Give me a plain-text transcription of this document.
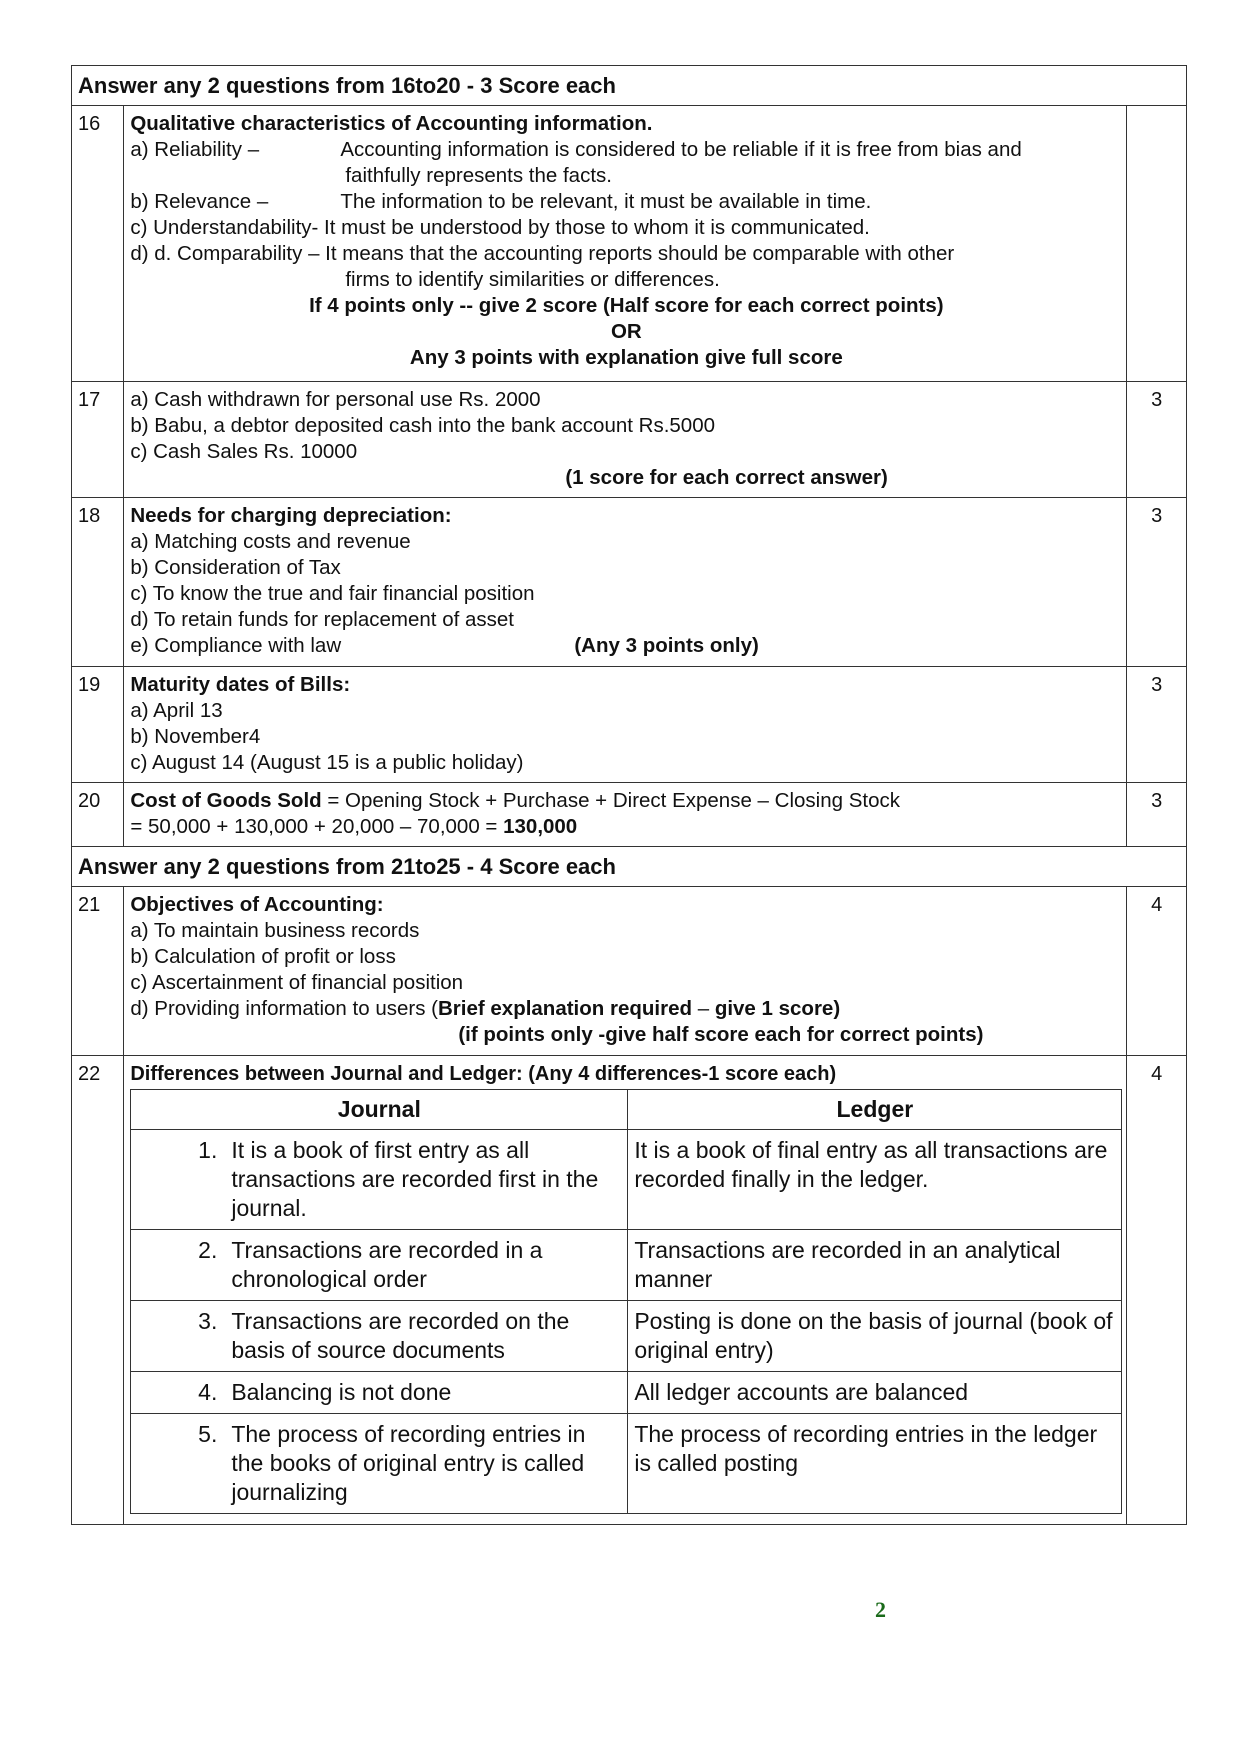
Answer any 2 questions from 16to20 - 3 Score each
16	Qualitative characteristics of Accounting information.
a) Reliability –	Accounting information is considered to be reliable if it is free from bias and
faithfully represents the facts.
b) Relevance –	The information to be relevant, it must be available in time.
c) Understandability- It must be understood by those to whom it is communicated.
d) d. Comparability – It means that the accounting reports should be comparable with other
firms to identify similarities or differences.
If 4 points only -- give 2 score (Half score for each correct points)
OR
Any 3 points with explanation give full score

17	a) Cash withdrawn for personal use Rs. 2000
b) Babu, a debtor deposited cash into the bank account Rs.5000
c) Cash Sales Rs. 10000
(1 score for each correct answer)
	3
18	Needs for charging depreciation:
a) Matching costs and revenue
b) Consideration of Tax
c) To know the true and fair financial position
d) To retain funds for replacement of asset
e) Compliance with law	(Any 3 points only)
	3
19	Maturity dates of Bills:
a) April 13
b) November4
c) August 14 (August 15 is a public holiday)
	3
20	Cost of Goods Sold = Opening Stock + Purchase + Direct Expense – Closing Stock
= 50,000 + 130,000 + 20,000 – 70,000 = 130,000
	3
Answer any 2 questions from 21to25 - 4 Score each
21	Objectives of Accounting:
a) To maintain business records
b) Calculation of profit or loss
c) Ascertainment of financial position
d) Providing information to users (Brief explanation required – give 1 score)
(if points only -give half score each for correct points)
	4
22	Differences between Journal and Ledger: (Any 4 differences-1 score each)
Journal	Ledger

1. It is a book of first entry as all transactions are recorded first in the journal.
	It is a book of final entry as all transactions are recorded finally in the ledger.

2. Transactions are recorded in a chronological order
	Transactions are recorded in an analytical manner

3. Transactions are recorded on the basis of source documents
	Posting is done on the basis of journal (book of original entry)

4. Balancing is not done	All ledger accounts are balanced

5. The process of recording entries in the books of original entry is called journalizing
	The process of recording entries in the ledger is called posting
	4
2
